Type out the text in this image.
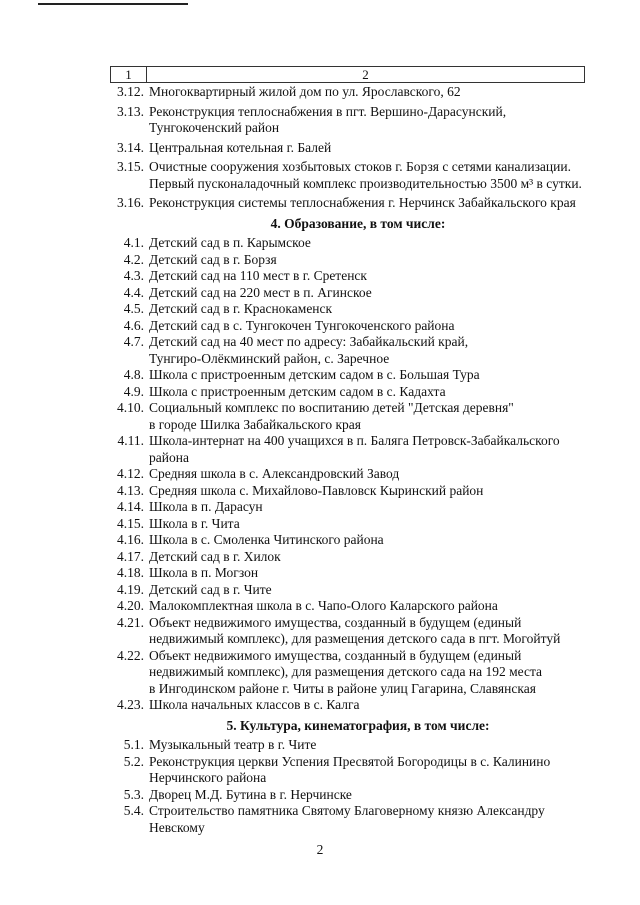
1	2
3.12. Многоквартирный жилой дом по ул. Ярославского, 62
3.13. Реконструкция теплоснабжения в пгт. Вершино-Дарасунский,
Тунгокоченский район
3.14. Центральная котельная г. Балей
3.15. Очистные сооружения хозбытовых стоков г. Борзя с сетями канализации.
Первый пусконаладочный комплекс производительностью 3500 м³ в сутки.
3.16. Реконструкция системы теплоснабжения г. Нерчинск Забайкальского края
4. Образование, в том числе:
4.1. Детский сад в п. Карымское
4.2. Детский сад в г. Борзя
4.3. Детский сад на 110 мест в г. Сретенск
4.4. Детский сад на 220 мест в п. Агинское
4.5. Детский сад в г. Краснокаменск
4.6. Детский сад в с. Тунгокочен Тунгокоченского района
4.7. Детский сад на 40 мест по адресу: Забайкальский край,
Тунгиро-Олёкминский район, с. Заречное
4.8. Школа с пристроенным детским садом в с. Большая Тура
4.9. Школа с пристроенным детским садом в с. Кадахта
4.10. Социальный комплекс по воспитанию детей "Детская деревня"
в городе Шилка Забайкальского края
4.11. Школа-интернат на 400 учащихся в п. Баляга Петровск-Забайкальского
района
4.12. Средняя школа в с. Александровский Завод
4.13. Средняя школа с. Михайлово-Павловск Кыринский район
4.14. Школа в п. Дарасун
4.15. Школа в г. Чита
4.16. Школа в с. Смоленка Читинского района
4.17. Детский сад в г. Хилок
4.18. Школа в п. Могзон
4.19. Детский сад в г. Чите
4.20. Малокомплектная школа в с. Чапо-Олого Каларского района
4.21. Объект недвижимого имущества, созданный в будущем (единый
недвижимый комплекс), для размещения детского сада в пгт. Могойтуй
4.22. Объект недвижимого имущества, созданный в будущем (единый
недвижимый комплекс), для размещения детского сада на 192 места
в Ингодинском районе г. Читы в районе улиц Гагарина, Славянская
4.23. Школа начальных классов в с. Калга
5. Культура, кинематография, в том числе:
5.1. Музыкальный театр в г. Чите
5.2. Реконструкция церкви Успения Пресвятой Богородицы в с. Калинино
Нерчинского района
5.3. Дворец М.Д. Бутина в г. Нерчинске
5.4. Строительство памятника Святому Благоверному князю Александру
Невскому
2
